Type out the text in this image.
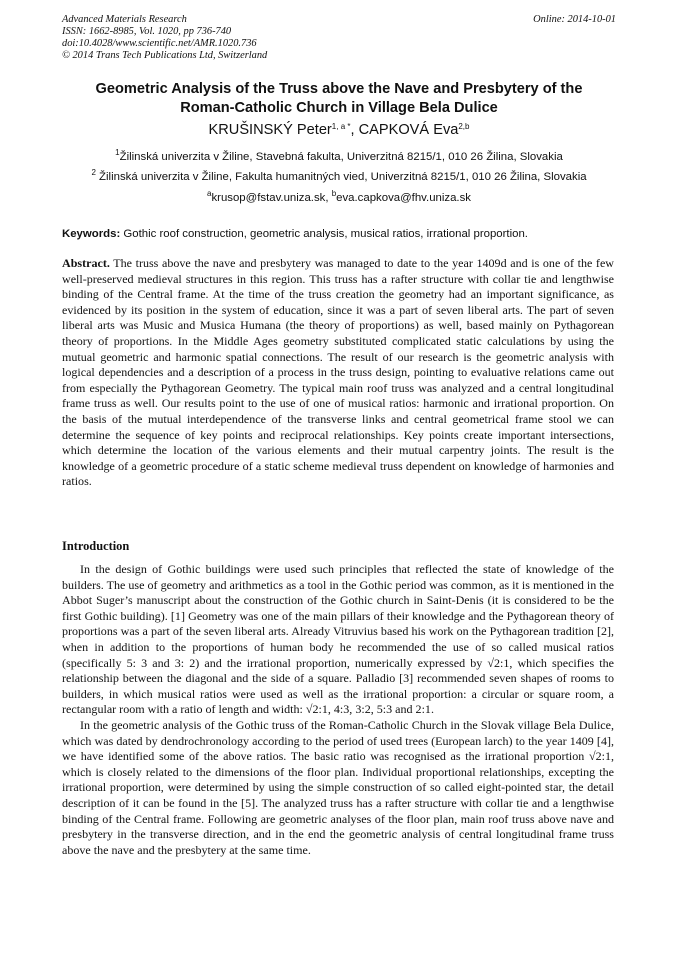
Advanced Materials Research
ISSN: 1662-8985, Vol. 1020, pp 736-740
doi:10.4028/www.scientific.net/AMR.1020.736
© 2014 Trans Tech Publications Ltd, Switzerland
Online: 2014-10-01
Geometric Analysis of the Truss above the Nave and Presbytery of the
Roman-Catholic Church in Village Bela Dulice
KRUŠINSKÝ Peter$^{1, a *}$, CAPKOVÁ Eva$^{2,b}$
$^1$Žilinská univerzita v Žiline, Stavebná fakulta, Univerzitná 8215/1, 010 26 Žilina, Slovakia
$^2$ Žilinská univerzita v Žiline, Fakulta humanitných vied, Univerzitná 8215/1, 010 26 Žilina, Slovakia
$^a$krusop@fstav.uniza.sk, $^b$eva.capkova@fhv.uniza.sk
Keywords: Gothic roof construction, geometric analysis, musical ratios, irrational proportion.

Abstract. The truss above the nave and presbytery was managed to date to the year 1409d and is one of the few well-preserved medieval structures in this region. This truss has a rafter structure with collar tie and lengthwise binding of the Central frame. At the time of the truss creation the geometry had an important significance, as evidenced by its position in the system of education, since it was a part of seven liberal arts. The part of seven liberal arts was Music and Musica Humana (the theory of proportions) as well, based mainly on Pythagorean theory of proportions. In the Middle Ages geometry substituted complicated static calculations by using the mutual geometric and harmonic spatial connections. The result of our research is the geometric analysis with logical dependencies and a description of a process in the truss design, pointing to evaluative relations came out from especially the Pythagorean Geometry. The typical main roof truss was analyzed and a central longitudinal frame truss as well. Our results point to the use of one of musical ratios: harmonic and irrational proportion. On the basis of the mutual interdependence of the transverse links and central geometrical frame stool we can determine the sequence of key points and reciprocal relationships. Key points create important intersections, which determine the location of the various elements and their mutual carpentry joints. The result is the knowledge of a geometric procedure of a static scheme medieval truss dependent on knowledge of harmonies and ratios.

Introduction

In the design of Gothic buildings were used such principles that reflected the state of knowledge of the builders. The use of geometry and arithmetics as a tool in the Gothic period was common, as it is mentioned in the Abbot Suger’s manuscript about the construction of the Gothic church in Saint-Denis (it is considered to be the first Gothic building). [1] Geometry was one of the main pillars of their knowledge and the Pythagorean theory of proportions was a part of the seven liberal arts. Already Vitruvius based his work on the Pythagorean tradition [2], when in addition to the proportions of human body he recommended the use of so called musical ratios (specifically 5: 3 and 3: 2) and the irrational proportion, numerically expressed by √2:1, which specifies the relationship between the diagonal and the side of a square. Palladio [3] recommended seven shapes of rooms to builders, in which musical ratios were used as well as the irrational proportion: a circular or square room, a rectangular room with a ratio of length and width: √2:1, 4:3, 3:2, 5:3 and 2:1.

In the geometric analysis of the Gothic truss of the Roman-Catholic Church in the Slovak village Bela Dulice, which was dated by dendrochronology according to the period of used trees (European larch) to the year 1409 [4], we have identified some of the above ratios. The basic ratio was recognised as the irrational proportion √2:1, which is closely related to the dimensions of the floor plan. Individual proportional relationships, excepting the irrational proportion, were determined by using the simple construction of so called eight-pointed star, the detail description of it can be found in the [5]. The analyzed truss has a rafter structure with collar tie and a lengthwise binding of the Central frame. Following are geometric analyses of the floor plan, main roof truss above nave and presbytery in the transverse direction, and in the end the geometric analysis of central longitudinal frame truss above the nave and the presbytery at the same time.
